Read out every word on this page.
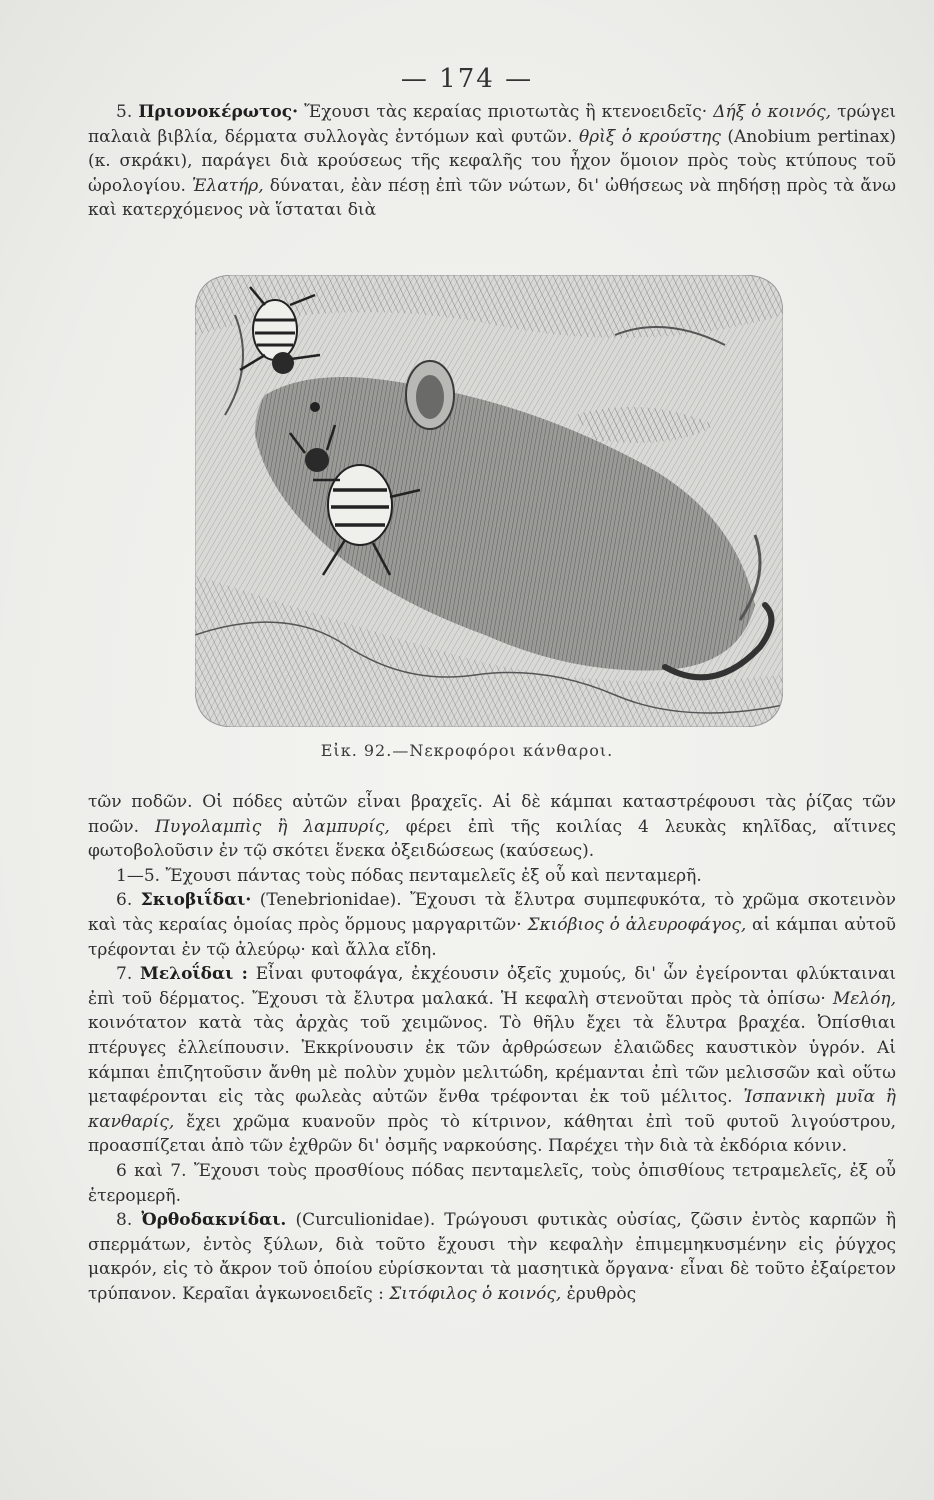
— 174 —

5. Πριονοκέρωτος· Ἔχουσι τὰς κεραίας πριοτωτὰς ἢ κτενοειδεῖς· Δήξ ὁ κοινός, τρώγει παλαιὰ βιβλία, δέρματα συλλογὰς ἐντόμων καὶ φυτῶν. θρὶξ ὁ κρούστης (Anobium pertinax) (κ. σκράκι), παράγει διὰ κρούσεως τῆς κεφαλῆς του ἦχον ὅμοιον πρὸς τοὺς κτύπους τοῦ ὡρολογίου. Ἐλατήρ, δύναται, ἐὰν πέσῃ ἐπὶ τῶν νώτων, δι' ὠθήσεως νὰ πηδήσῃ πρὸς τὰ ἄνω καὶ κατερχόμενος νὰ ἵσταται διὰ

Εἰκ. 92.—Νεκροφόροι κάνθαροι.

τῶν ποδῶν. Οἱ πόδες αὐτῶν εἶναι βραχεῖς. Αἱ δὲ κάμπαι καταστρέφουσι τὰς ῥίζας τῶν ποῶν. Πυγολαμπὶς ἢ λαμπυρίς, φέρει ἐπὶ τῆς κοιλίας 4 λευκὰς κηλῖδας, αἵτινες φωτοβολοῦσιν ἐν τῷ σκότει ἕνεκα ὀξειδώσεως (καύσεως).

1—5. Ἔχουσι πάντας τοὺς πόδας πενταμελεῖς ἐξ οὗ καὶ πενταμερῆ.

6. Σκιοβιΐδαι· (Tenebrionidae). Ἔχουσι τὰ ἔλυτρα συμπεφυκότα, τὸ χρῶμα σκοτεινὸν καὶ τὰς κεραίας ὁμοίας πρὸς ὅρμους μαργαριτῶν· Σκιόβιος ὁ ἀλευροφάγος, αἱ κάμπαι αὐτοῦ τρέφονται ἐν τῷ ἀλεύρῳ· καὶ ἄλλα εἴδη.

7. Μελοΐδαι : Εἶναι φυτοφάγα, ἐκχέουσιν ὀξεῖς χυμούς, δι' ὧν ἐγείρονται φλύκταιναι ἐπὶ τοῦ δέρματος. Ἔχουσι τὰ ἔλυτρα μαλακά. Ἡ κεφαλὴ στενοῦται πρὸς τὰ ὀπίσω· Μελόη, κοινότατον κατὰ τὰς ἀρχὰς τοῦ χειμῶνος. Τὸ θῆλυ ἔχει τὰ ἔλυτρα βραχέα. Ὀπίσθιαι πτέρυγες ἐλλείπουσιν. Ἐκκρίνουσιν ἐκ τῶν ἀρθρώσεων ἐλαιῶδες καυστικὸν ὑγρόν. Αἱ κάμπαι ἐπιζητοῦσιν ἄνθη μὲ πολὺν χυμὸν μελιτώδη, κρέμανται ἐπὶ τῶν μελισσῶν καὶ οὕτω μεταφέρονται εἰς τὰς φωλεὰς αὐτῶν ἔνθα τρέφονται ἐκ τοῦ μέλιτος. Ἰσπανικὴ μυῖα ἢ κανθαρίς, ἔχει χρῶμα κυανοῦν πρὸς τὸ κίτρινον, κάθηται ἐπὶ τοῦ φυτοῦ λιγούστρου, προασπίζεται ἀπὸ τῶν ἐχθρῶν δι' ὀσμῆς ναρκούσης. Παρέχει τὴν διὰ τὰ ἐκδόρια κόνιν.

6 καὶ 7. Ἔχουσι τοὺς προσθίους πόδας πενταμελεῖς, τοὺς ὀπισθίους τετραμελεῖς, ἐξ οὗ ἑτερομερῆ.

8. Ὀρθοδακνίδαι. (Curculionidae). Τρώγουσι φυτικὰς οὐσίας, ζῶσιν ἐντὸς καρπῶν ἢ σπερμάτων, ἐντὸς ξύλων, διὰ τοῦτο ἔχουσι τὴν κεφαλὴν ἐπιμεμηκυσμένην εἰς ῥύγχος μακρόν, εἰς τὸ ἄκρον τοῦ ὁποίου εὑρίσκονται τὰ μασητικὰ ὄργανα· εἶναι δὲ τοῦτο ἐξαίρετον τρύπανον. Κεραῖαι ἀγκωνοειδεῖς : Σιτόφιλος ὁ κοινός, ἐρυθρὸς
